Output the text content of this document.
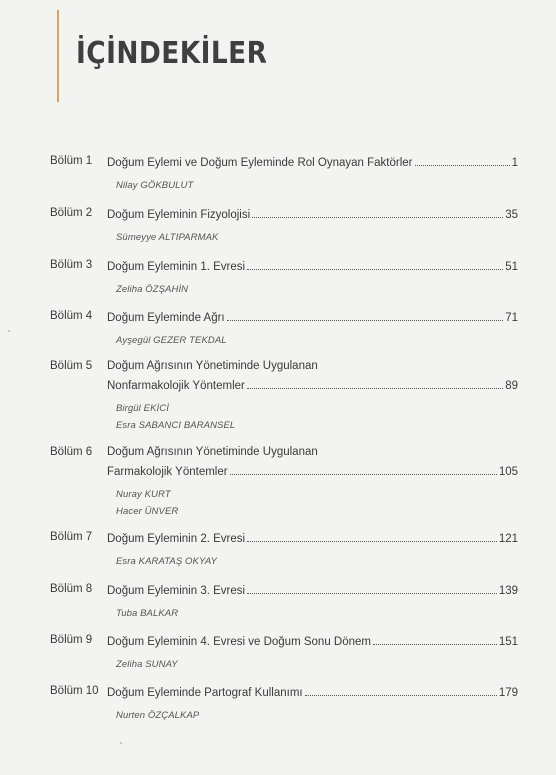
İÇİNDEKİLER
Bölüm 1 Doğum Eylemi ve Doğum Eyleminde Rol Oynayan Faktörler	1
Nilay GÖKBULUT
Bölüm 2 Doğum Eyleminin Fizyolojisi	35
Sümeyye ALTIPARMAK
Bölüm 3 Doğum Eyleminin 1. Evresi	51
Zeliha ÖZŞAHİN
Bölüm 4 Doğum Eyleminde Ağrı	71
Ayşegül GEZER TEKDAL
Bölüm 5 Doğum Ağrısının Yönetiminde Uygulanan
Nonfarmakolojik Yöntemler	89
Birgül EKİCİ
Esra SABANCI BARANSEL
Bölüm 6 Doğum Ağrısının Yönetiminde Uygulanan
Farmakolojik Yöntemler	105
Nuray KURT
Hacer ÜNVER
Bölüm 7 Doğum Eyleminin 2. Evresi	121
Esra KARATAŞ OKYAY
Bölüm 8 Doğum Eyleminin 3. Evresi	139
Tuba BALKAR
Bölüm 9 Doğum Eyleminin 4. Evresi ve Doğum Sonu Dönem	151
Zeliha SUNAY
Bölüm 10 Doğum Eyleminde Partograf Kullanımı	179
Nurten ÖZÇALKAP
